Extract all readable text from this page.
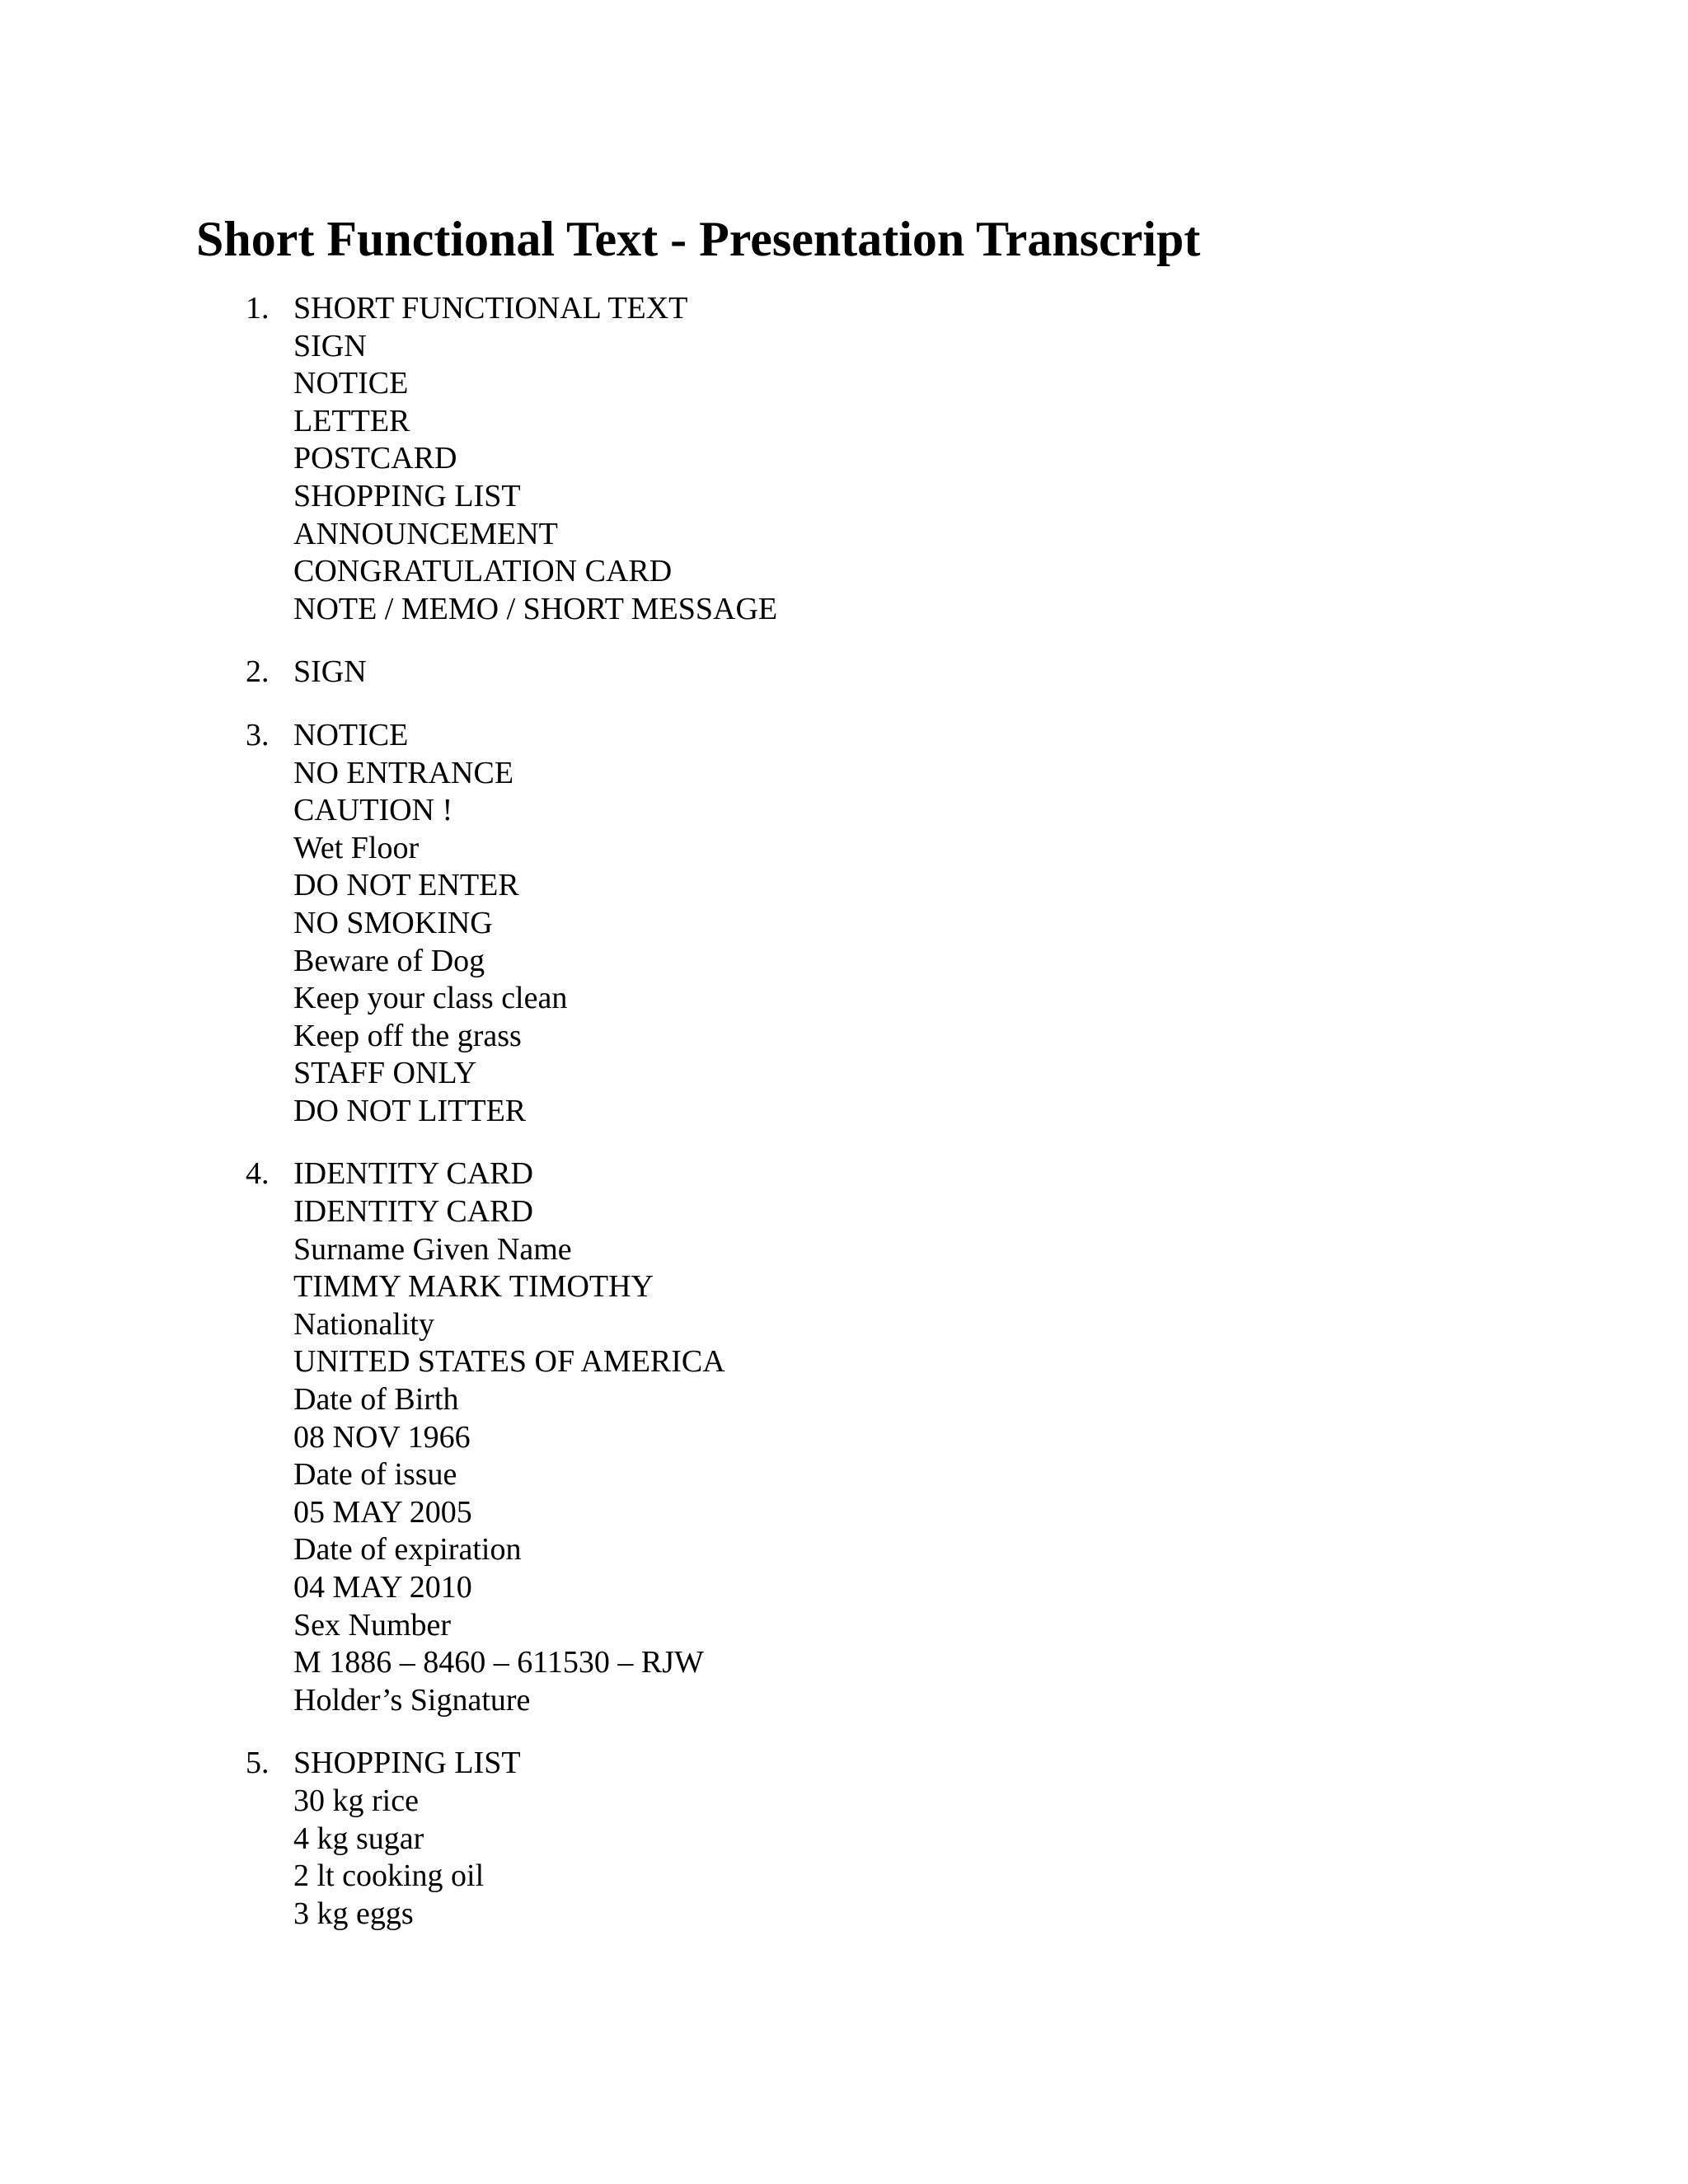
Short Functional Text - Presentation Transcript
1. SHORT FUNCTIONAL TEXT
SIGN
NOTICE
LETTER
POSTCARD
SHOPPING LIST
ANNOUNCEMENT
CONGRATULATION CARD
NOTE / MEMO / SHORT MESSAGE
2. SIGN
3. NOTICE
NO ENTRANCE
CAUTION !
Wet Floor
DO NOT ENTER
NO SMOKING
Beware of Dog
Keep your class clean
Keep off the grass
STAFF ONLY
DO NOT LITTER
4. IDENTITY CARD
IDENTITY CARD
Surname Given Name
TIMMY MARK TIMOTHY
Nationality
UNITED STATES OF AMERICA
Date of Birth
08 NOV 1966
Date of issue
05 MAY 2005
Date of expiration
04 MAY 2010
Sex Number
M 1886 – 8460 – 611530 – RJW
Holder’s Signature
5. SHOPPING LIST
30 kg rice
4 kg sugar
2 lt cooking oil
3 kg eggs
